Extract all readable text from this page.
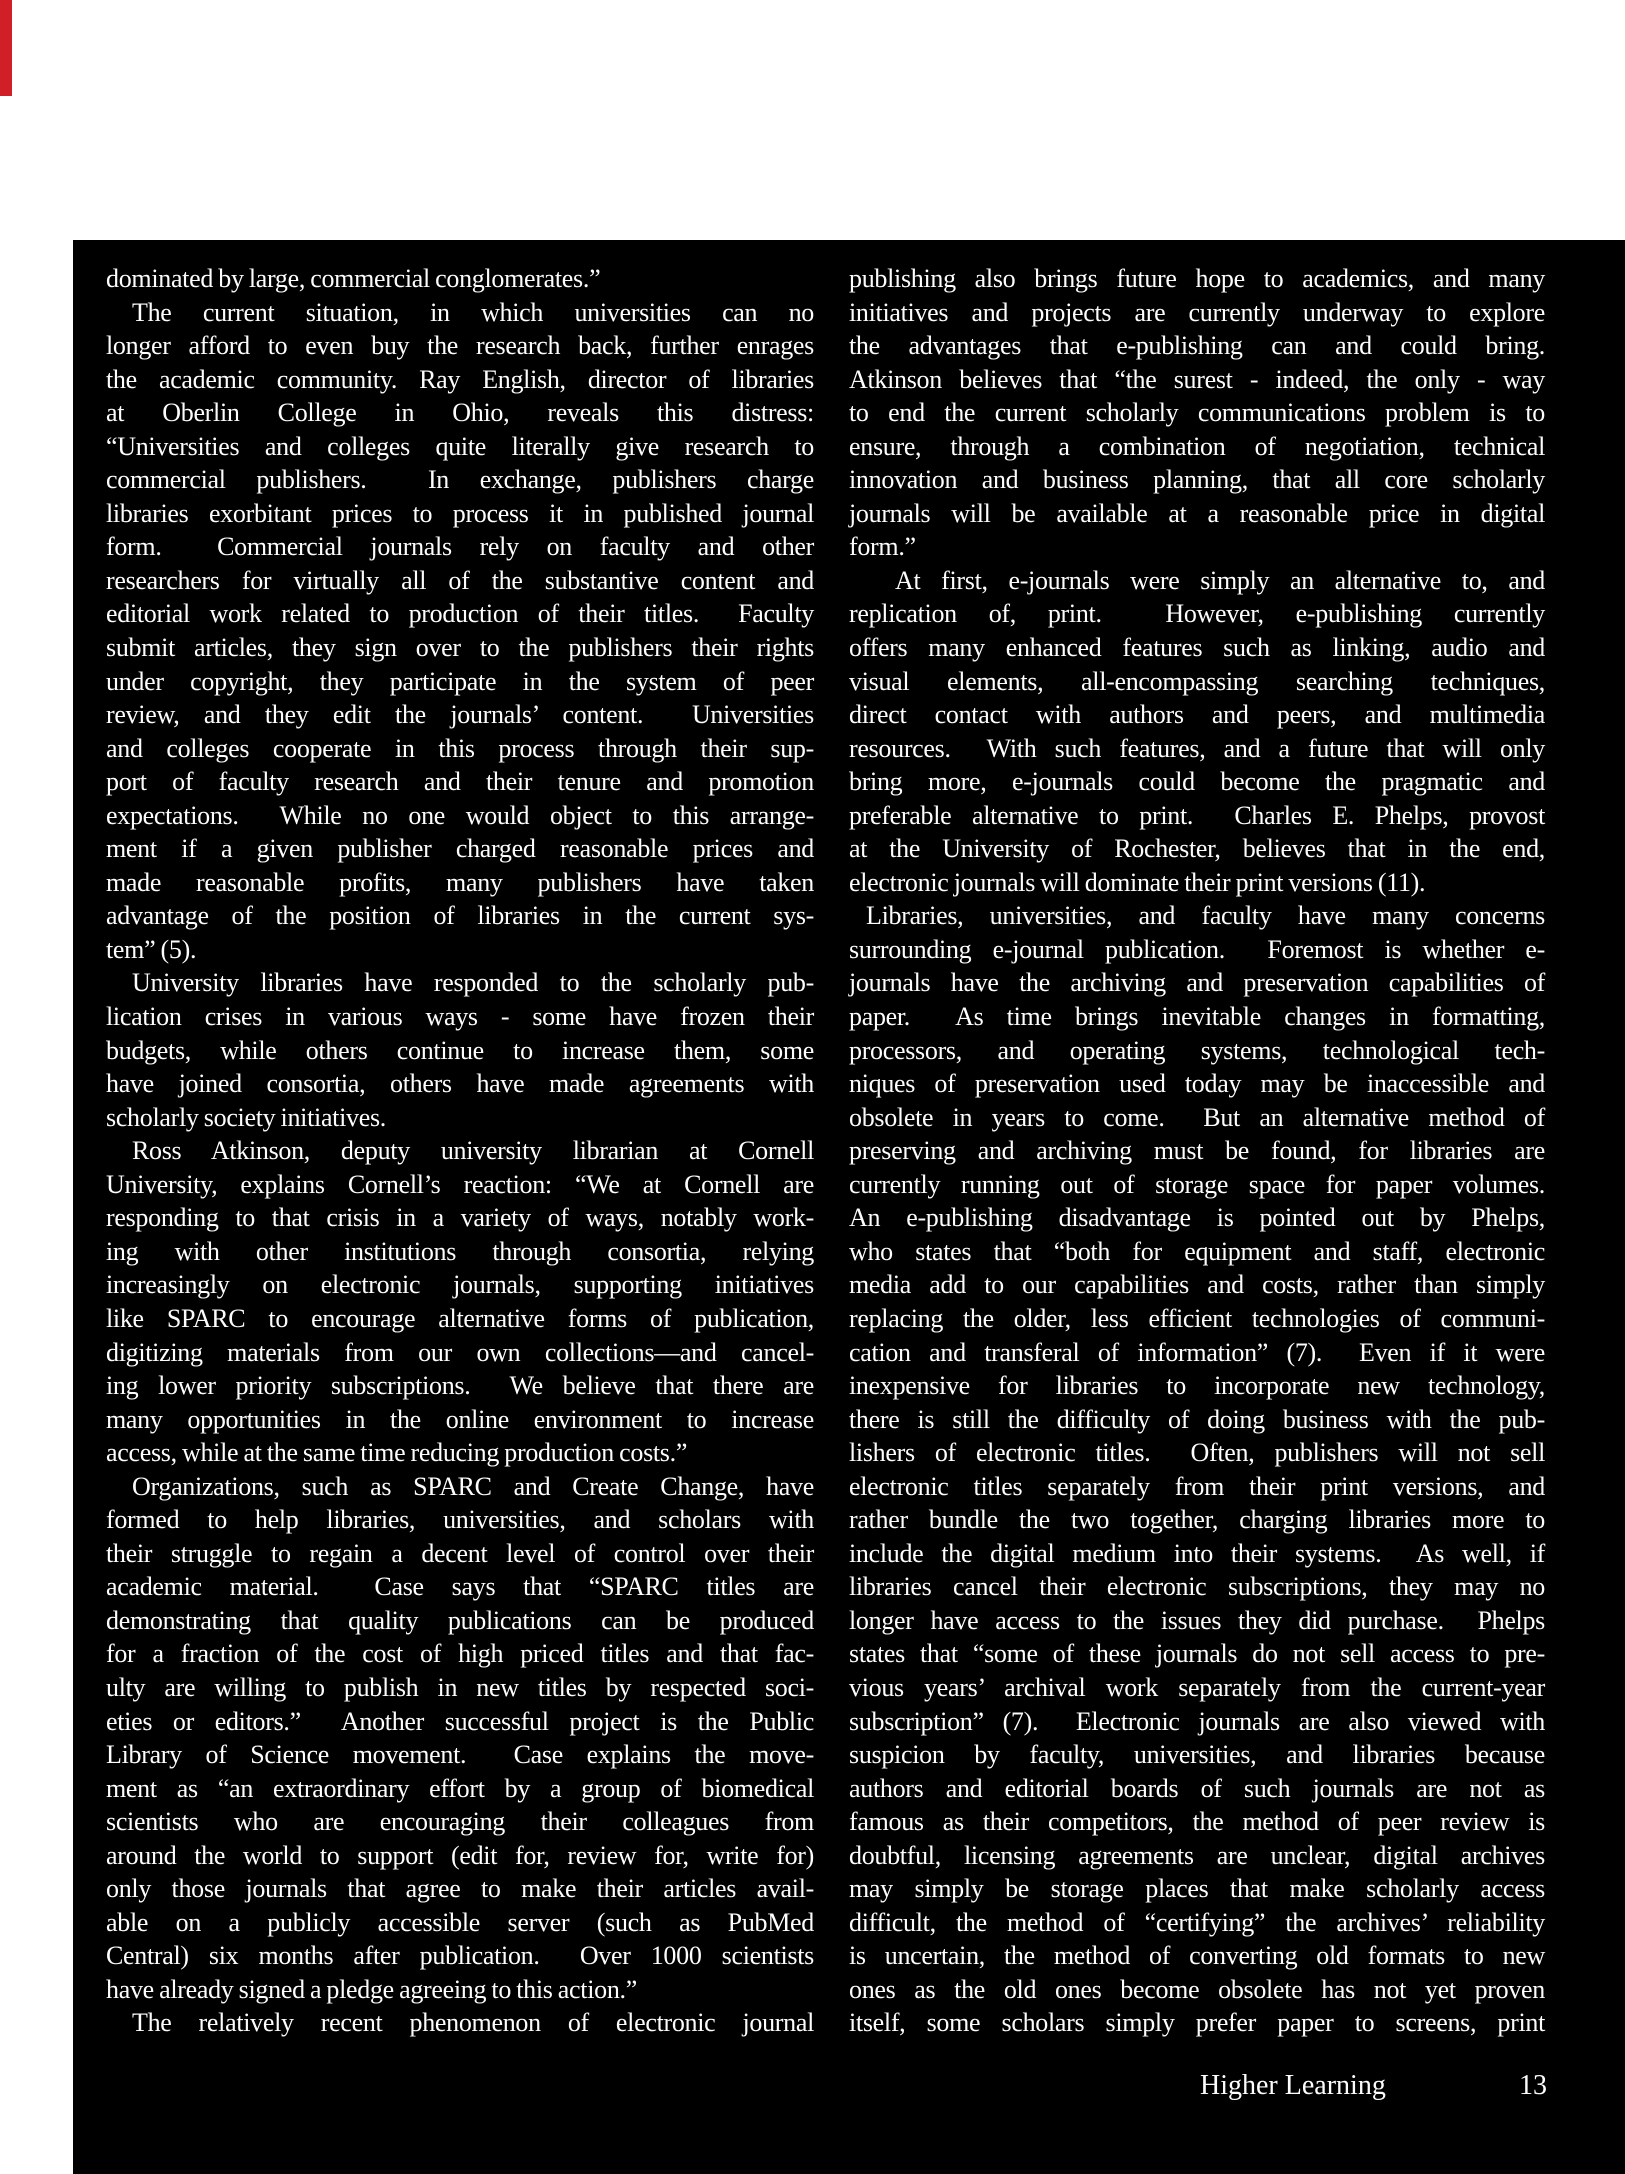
dominated by large, commercial conglomerates.”
The current situation, in which universities can no
longer afford to even buy the research back, further enrages
the academic community. Ray English, director of libraries
at Oberlin College in Ohio, reveals this distress:
“Universities and colleges quite literally give research to
commercial publishers.  In exchange, publishers charge
libraries exorbitant prices to process it in published journal
form.  Commercial journals rely on faculty and other
researchers for virtually all of the substantive content and
editorial work related to production of their titles.  Faculty
submit articles, they sign over to the publishers their rights
under copyright, they participate in the system of peer
review, and they edit the journals’ content.  Universities
and colleges cooperate in this process through their sup-
port of faculty research and their tenure and promotion
expectations.  While no one would object to this arrange-
ment if a given publisher charged reasonable prices and
made reasonable profits, many publishers have taken
advantage of the position of libraries in the current sys-
tem” (5).
University libraries have responded to the scholarly pub-
lication crises in various ways - some have frozen their
budgets, while others continue to increase them, some
have joined consortia, others have made agreements with
scholarly society initiatives.
Ross Atkinson, deputy university librarian at Cornell
University, explains Cornell’s reaction: “We at Cornell are
responding to that crisis in a variety of ways, notably work-
ing with other institutions through consortia, relying
increasingly on electronic journals, supporting initiatives
like SPARC to encourage alternative forms of publication,
digitizing materials from our own collections—and cancel-
ing lower priority subscriptions.  We believe that there are
many opportunities in the online environment to increase
access, while at the same time reducing production costs.”
Organizations, such as SPARC and Create Change, have
formed to help libraries, universities, and scholars with
their struggle to regain a decent level of control over their
academic material.  Case says that “SPARC titles are
demonstrating that quality publications can be produced
for a fraction of the cost of high priced titles and that fac-
ulty are willing to publish in new titles by respected soci-
eties or editors.”  Another successful project is the Public
Library of Science movement.  Case explains the move-
ment as “an extraordinary effort by a group of biomedical
scientists who are encouraging their colleagues from
around the world to support (edit for, review for, write for)
only those journals that agree to make their articles avail-
able on a publicly accessible server (such as PubMed
Central) six months after publication.  Over 1000 scientists
have already signed a pledge agreeing to this action.”
The relatively recent phenomenon of electronic journal
publishing also brings future hope to academics, and many
initiatives and projects are currently underway to explore
the advantages that e-publishing can and could bring.
Atkinson believes that “the surest - indeed, the only - way
to end the current scholarly communications problem is to
ensure, through a combination of negotiation, technical
innovation and business planning, that all core scholarly
journals will be available at a reasonable price in digital
form.”
At first, e-journals were simply an alternative to, and
replication of, print.  However, e-publishing currently
offers many enhanced features such as linking, audio and
visual elements, all-encompassing searching techniques,
direct contact with authors and peers, and multimedia
resources.  With such features, and a future that will only
bring more, e-journals could become the pragmatic and
preferable alternative to print.  Charles E. Phelps, provost
at the University of Rochester, believes that in the end,
electronic journals will dominate their print versions (11).
Libraries, universities, and faculty have many concerns
surrounding e-journal publication.  Foremost is whether e-
journals have the archiving and preservation capabilities of
paper.  As time brings inevitable changes in formatting,
processors, and operating systems, technological tech-
niques of preservation used today may be inaccessible and
obsolete in years to come.  But an alternative method of
preserving and archiving must be found, for libraries are
currently running out of storage space for paper volumes.
An e-publishing disadvantage is pointed out by Phelps,
who states that “both for equipment and staff, electronic
media add to our capabilities and costs, rather than simply
replacing the older, less efficient technologies of communi-
cation and transferal of information” (7).  Even if it were
inexpensive for libraries to incorporate new technology,
there is still the difficulty of doing business with the pub-
lishers of electronic titles.  Often, publishers will not sell
electronic titles separately from their print versions, and
rather bundle the two together, charging libraries more to
include the digital medium into their systems.  As well, if
libraries cancel their electronic subscriptions, they may no
longer have access to the issues they did purchase.  Phelps
states that “some of these journals do not sell access to pre-
vious years’ archival work separately from the current-year
subscription” (7).  Electronic journals are also viewed with
suspicion by faculty, universities, and libraries because
authors and editorial boards of such journals are not as
famous as their competitors, the method of peer review is
doubtful, licensing agreements are unclear, digital archives
may simply be storage places that make scholarly access
difficult, the method of “certifying” the archives’ reliability
is uncertain, the method of converting old formats to new
ones as the old ones become obsolete has not yet proven
itself, some scholars simply prefer paper to screens, print
Higher Learning	13
